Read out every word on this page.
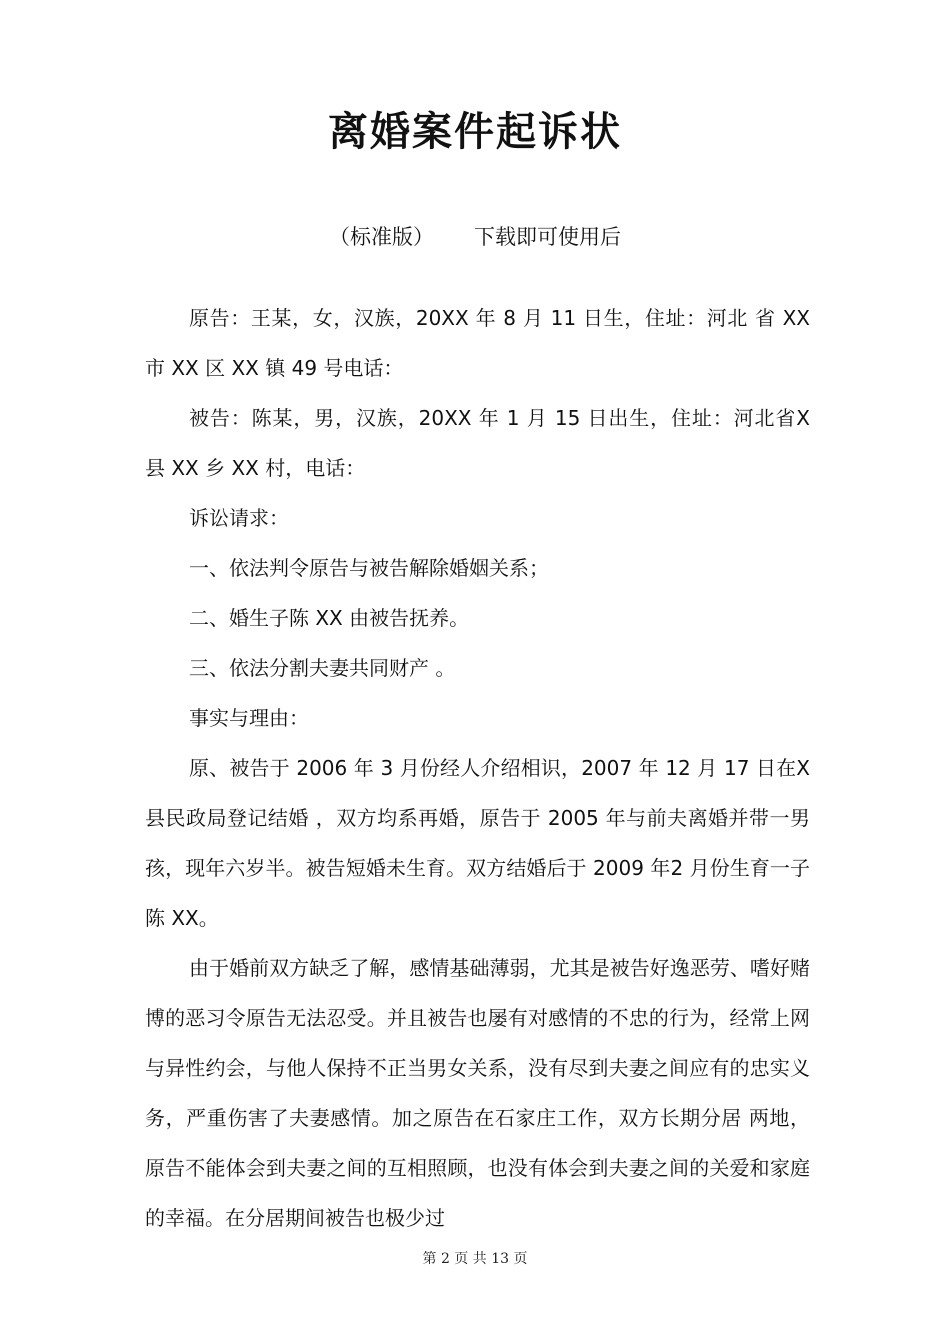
离婚案件起诉状
（标准版） 下载即可使用后

原告：王某，女，汉族，20XX 年 8 月 11 日生，住址：河北 省 XX 市 XX 区 XX 镇 49 号电话：

被告：陈某，男，汉族，20XX 年 1 月 15 日出生，住址：河北省X 县 XX 乡 XX 村，电话：

诉讼请求：

一、依法判令原告与被告解除婚姻关系；

二、婚生子陈 XX 由被告抚养。

三、依法分割夫妻共同财产 。

事实与理由：

原、被告于 2006 年 3 月份经人介绍相识，2007 年 12 月 17 日在X 县民政局登记结婚 ，双方均系再婚，原告于 2005 年与前夫离婚并带一男孩，现年六岁半。被告短婚未生育。双方结婚后于 2009 年2 月份生育一子陈 XX。

由于婚前双方缺乏了解，感情基础薄弱，尤其是被告好逸恶劳、嗜好赌博的恶习令原告无法忍受。并且被告也屡有对感情的不忠的行为，经常上网与异性约会，与他人保持不正当男女关系，没有尽到夫妻之间应有的忠实义务，严重伤害了夫妻感情。加之原告在石家庄工作，双方长期分居 两地，原告不能体会到夫妻之间的互相照顾，也没有体会到夫妻之间的关爱和家庭的幸福。在分居期间被告也极少过

第 2 页 共 13 页
